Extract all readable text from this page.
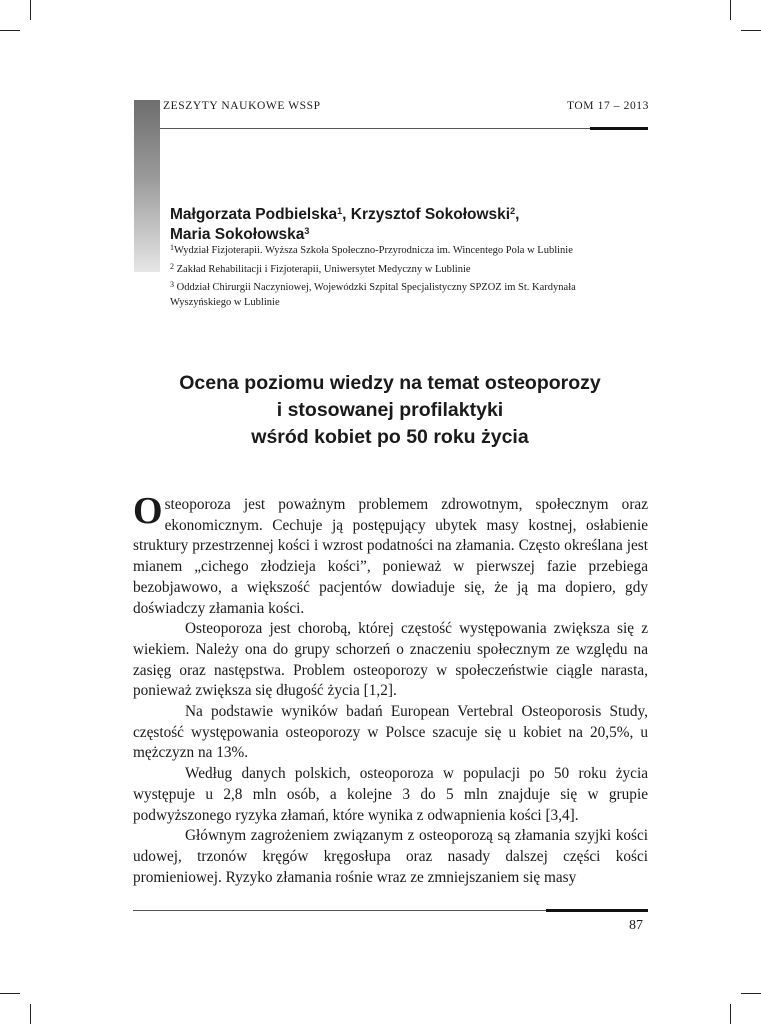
ZESZYTY NAUKOWE WSSP	TOM 17 – 2013
Małgorzata Podbielska$^1$, Krzysztof Sokołowski$^2$,
Maria Sokołowska$^3$
$^1$Wydział Fizjoterapii. Wyższa Szkoła Społeczno-Przyrodnicza im. Wincentego Pola w Lublinie
$^2$ Zakład Rehabilitacji i Fizjoterapii, Uniwersytet Medyczny w Lublinie
$^3$ Oddział Chirurgii Naczyniowej, Wojewódzki Szpital Specjalistyczny SPZOZ im St. Kardynała
Wyszyńskiego w Lublinie
Ocena poziomu wiedzy na temat osteoporozy
i stosowanej profilaktyki
wśród kobiet po 50 roku życia

Osteoporoza jest poważnym problemem zdrowotnym, społecznym oraz ekonomicznym. Cechuje ją postępujący ubytek masy kostnej, osłabienie struktury przestrzennej kości i wzrost podatności na złamania. Często określana jest mianem „cichego złodzieja kości”, ponieważ w pierwszej fazie przebiega bezobjawowo, a większość pacjentów dowiaduje się, że ją ma dopiero, gdy doświadczy złamania kości.

Osteoporoza jest chorobą, której częstość występowania zwiększa się z wiekiem. Należy ona do grupy schorzeń o znaczeniu społecznym ze względu na zasięg oraz następstwa. Problem osteoporozy w społeczeństwie ciągle narasta, ponieważ zwiększa się długość życia [1,2].

Na podstawie wyników badań European Vertebral Osteoporosis Study, częstość występowania osteoporozy w Polsce szacuje się u kobiet na 20,5%, u mężczyzn na 13%.

Według danych polskich, osteoporoza w populacji po 50 roku życia występuje u 2,8 mln osób, a kolejne 3 do 5 mln znajduje się w grupie podwyższonego ryzyka złamań, które wynika z odwapnienia kości [3,4].

Głównym zagrożeniem związanym z osteoporozą są złamania szyjki kości udowej, trzonów kręgów kręgosłupa oraz nasady dalszej części kości promieniowej. Ryzyko złamania rośnie wraz ze zmniejszaniem się masy

87
